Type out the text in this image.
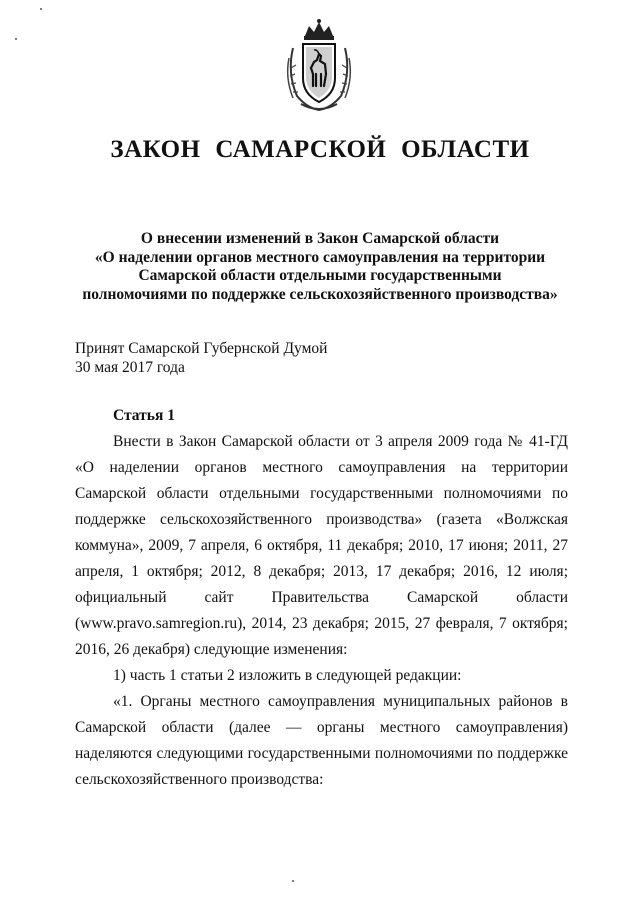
ЗАКОН САМАРСКОЙ ОБЛАСТИ
О внесении изменений в Закон Самарской области
«О наделении органов местного самоуправления на территории
Самарской области отдельными государственными
полномочиями по поддержке сельскохозяйственного производства»
Принят Самарской Губернской Думой
30 мая 2017 года
Статья 1

Внести в Закон Самарской области от 3 апреля 2009 года № 41-ГД «О наделении органов местного самоуправления на территории Самарской области отдельными государственными полномочиями по поддержке сельскохозяйственного производства» (газета «Волжская коммуна», 2009, 7 апреля, 6 октября, 11 декабря; 2010, 17 июня; 2011, 27 апреля, 1 октября; 2012, 8 декабря; 2013, 17 декабря; 2016, 12 июля; официальный сайт Правительства Самарской области (www.pravo.samregion.ru), 2014, 23 декабря; 2015, 27 февраля, 7 октября; 2016, 26 декабря) следующие изменения:

1) часть 1 статьи 2 изложить в следующей редакции:

«1. Органы местного самоуправления муниципальных районов в Самарской области (далее — органы местного самоуправления) наделяются следующими государственными полномочиями по поддержке сельскохозяйственного производства:
